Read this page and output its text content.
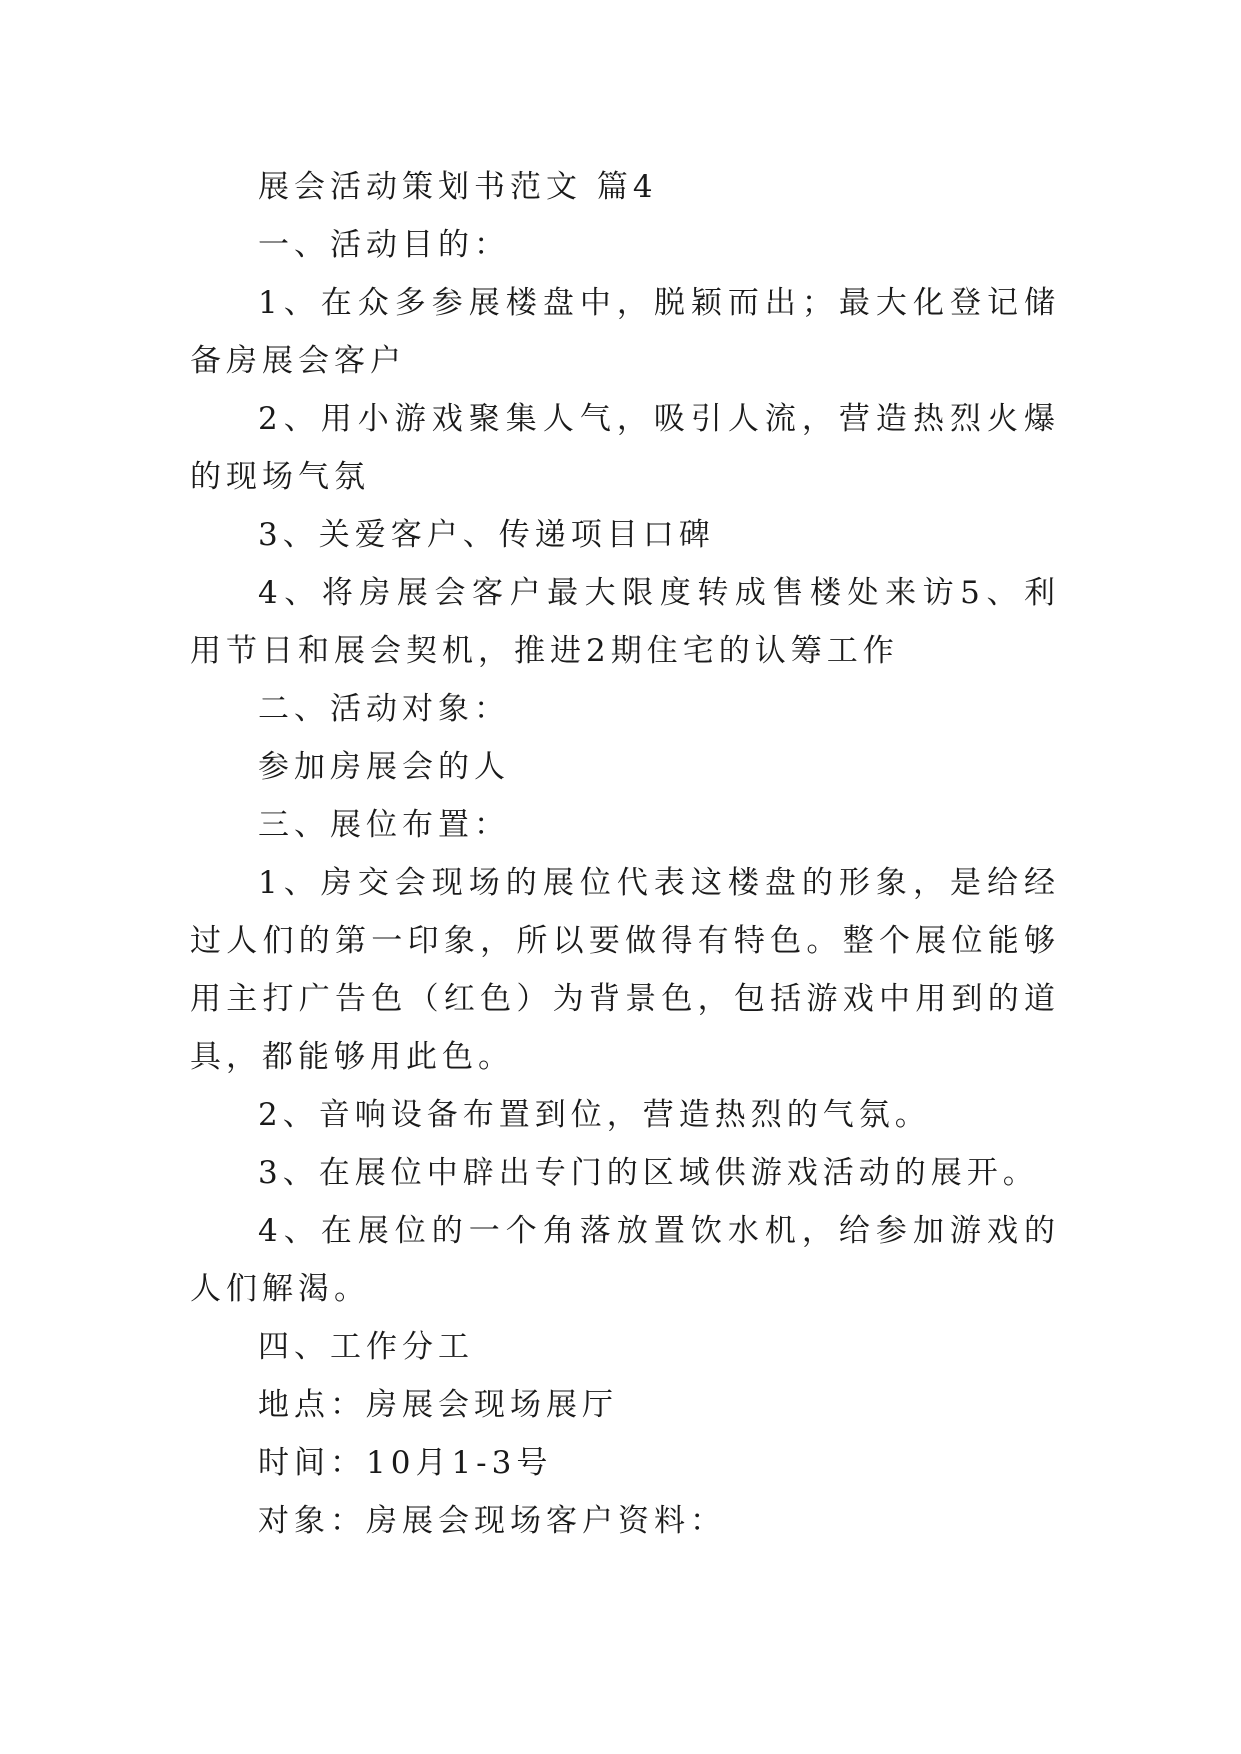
展会活动策划书范文 篇4

一、活动目的：

1、在众多参展楼盘中，脱颖而出；最大化登记储备房展会客户

2、用小游戏聚集人气，吸引人流，营造热烈火爆的现场气氛

3、关爱客户、传递项目口碑

4、将房展会客户最大限度转成售楼处来访5、利用节日和展会契机，推进2期住宅的认筹工作

二、活动对象：

参加房展会的人

三、展位布置：

1、房交会现场的展位代表这楼盘的形象，是给经过人们的第一印象，所以要做得有特色。整个展位能够用主打广告色（红色）为背景色，包括游戏中用到的道具，都能够用此色。

2、音响设备布置到位，营造热烈的气氛。

3、在展位中辟出专门的区域供游戏活动的展开。

4、在展位的一个角落放置饮水机，给参加游戏的人们解渴。

四、工作分工

地点：房展会现场展厅

时间：10月1-3号

对象：房展会现场客户资料：
